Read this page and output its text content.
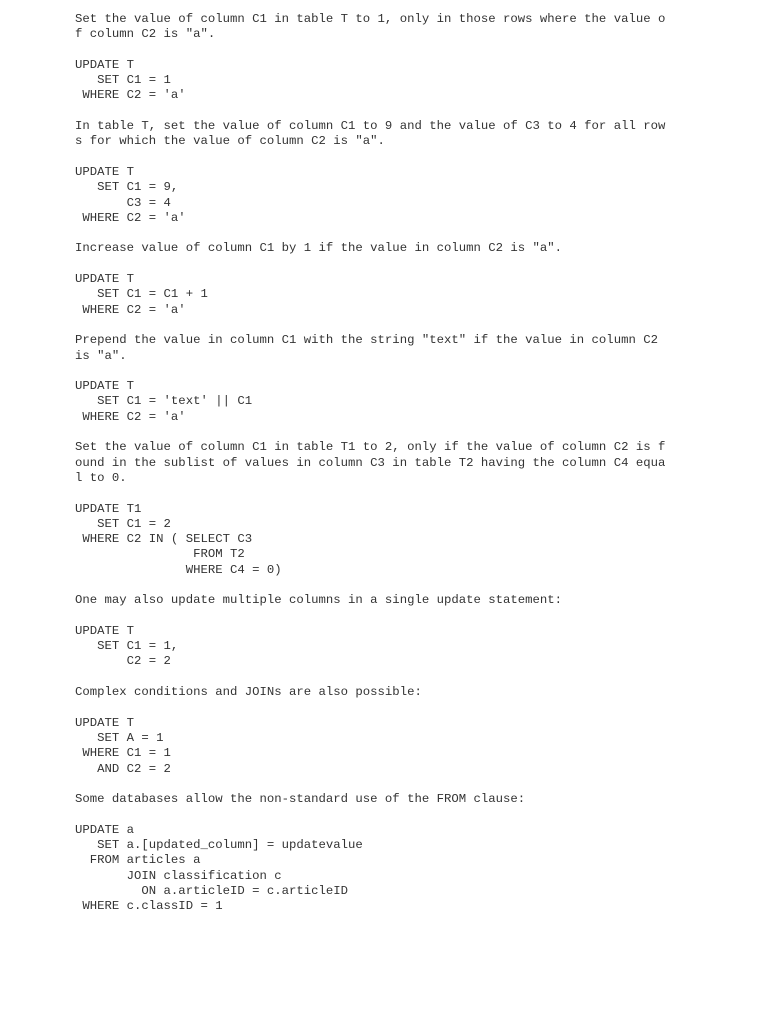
Set the value of column C1 in table T to 1, only in those rows where the value o
f column C2 is "a".
UPDATE T
SET C1 = 1
WHERE C2 = 'a'
In table T, set the value of column C1 to 9 and the value of C3 to 4 for all row
s for which the value of column C2 is "a".
UPDATE T
SET C1 = 9,
C3 = 4
WHERE C2 = 'a'
Increase value of column C1 by 1 if the value in column C2 is "a".
UPDATE T
SET C1 = C1 + 1
WHERE C2 = 'a'
Prepend the value in column C1 with the string "text" if the value in column C2
is "a".
UPDATE T
SET C1 = 'text' || C1
WHERE C2 = 'a'
Set the value of column C1 in table T1 to 2, only if the value of column C2 is f
ound in the sublist of values in column C3 in table T2 having the column C4 equa
l to 0.
UPDATE T1
SET C1 = 2
WHERE C2 IN ( SELECT C3
FROM T2
WHERE C4 = 0)
One may also update multiple columns in a single update statement:
UPDATE T
SET C1 = 1,
C2 = 2
Complex conditions and JOINs are also possible:
UPDATE T
SET A = 1
WHERE C1 = 1
AND C2 = 2
Some databases allow the non-standard use of the FROM clause:
UPDATE a
SET a.[updated_column] = updatevalue
FROM articles a
JOIN classification c
ON a.articleID = c.articleID
WHERE c.classID = 1
